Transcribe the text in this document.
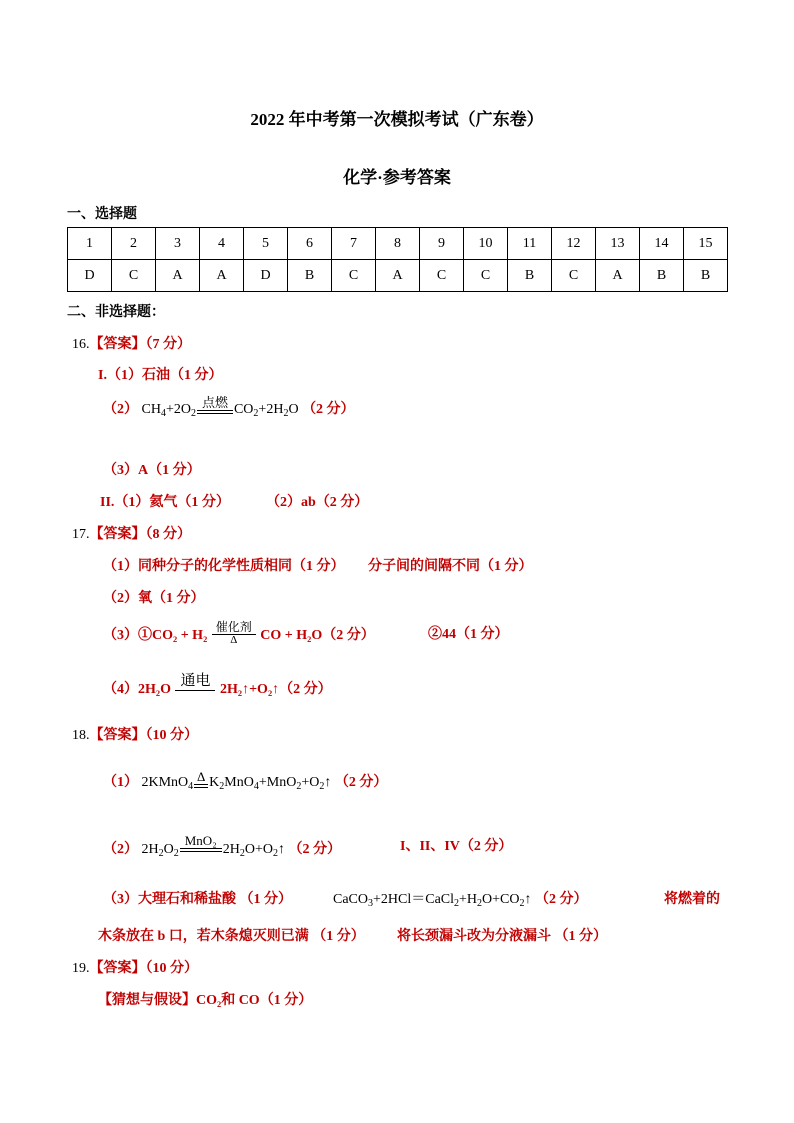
2022 年中考第一次模拟考试（广东卷）
化学·参考答案
一、选择题
1	2	3	4	5	6	7	8	9	10	11	12	13	14	15
D	C	A	A	D	B	C	A	C	C	B	C	A	B	B
二、非选择题：
16.【答案】（7 分）
I.（1）石油（1 分）
（2） $CH_4+2O_2$
点燃 $CO_2+2H_2O$ （2 分）
（3）A（1 分）
II.（1）氦气（1 分）	（2）ab（2 分）
17.【答案】（8 分）
（1）同种分子的化学性质相同（1 分） 分子间的间隔不同（1 分）
（2）氧（1 分）
（3）①CO₂ + H₂
催化剂
Δ	CO + H₂O（2 分）	②44（1 分）
（4）2H₂O
通电
2H₂↑+O₂↑（2 分）
18.【答案】（10 分）
（1） 2KMnO$_4$
Δ $K_2MnO_4+MnO_2+O_2↑$ （2 分）
（2） $2H_2O_2$
MnO₂
$2H_2O+O_2↑$ （2 分）	I、II、IV（2 分）
（3）大理石和稀盐酸 （1 分）	$CaCO_3+2HCl=CaCl_2+H_2O+CO_2↑$ （2 分）	将燃着的
木条放在 b 口，若木条熄灭则已满 （1 分） 将长颈漏斗改为分液漏斗 （1 分）
19.【答案】（10 分）
【猜想与假设】CO₂和 CO（1 分）
